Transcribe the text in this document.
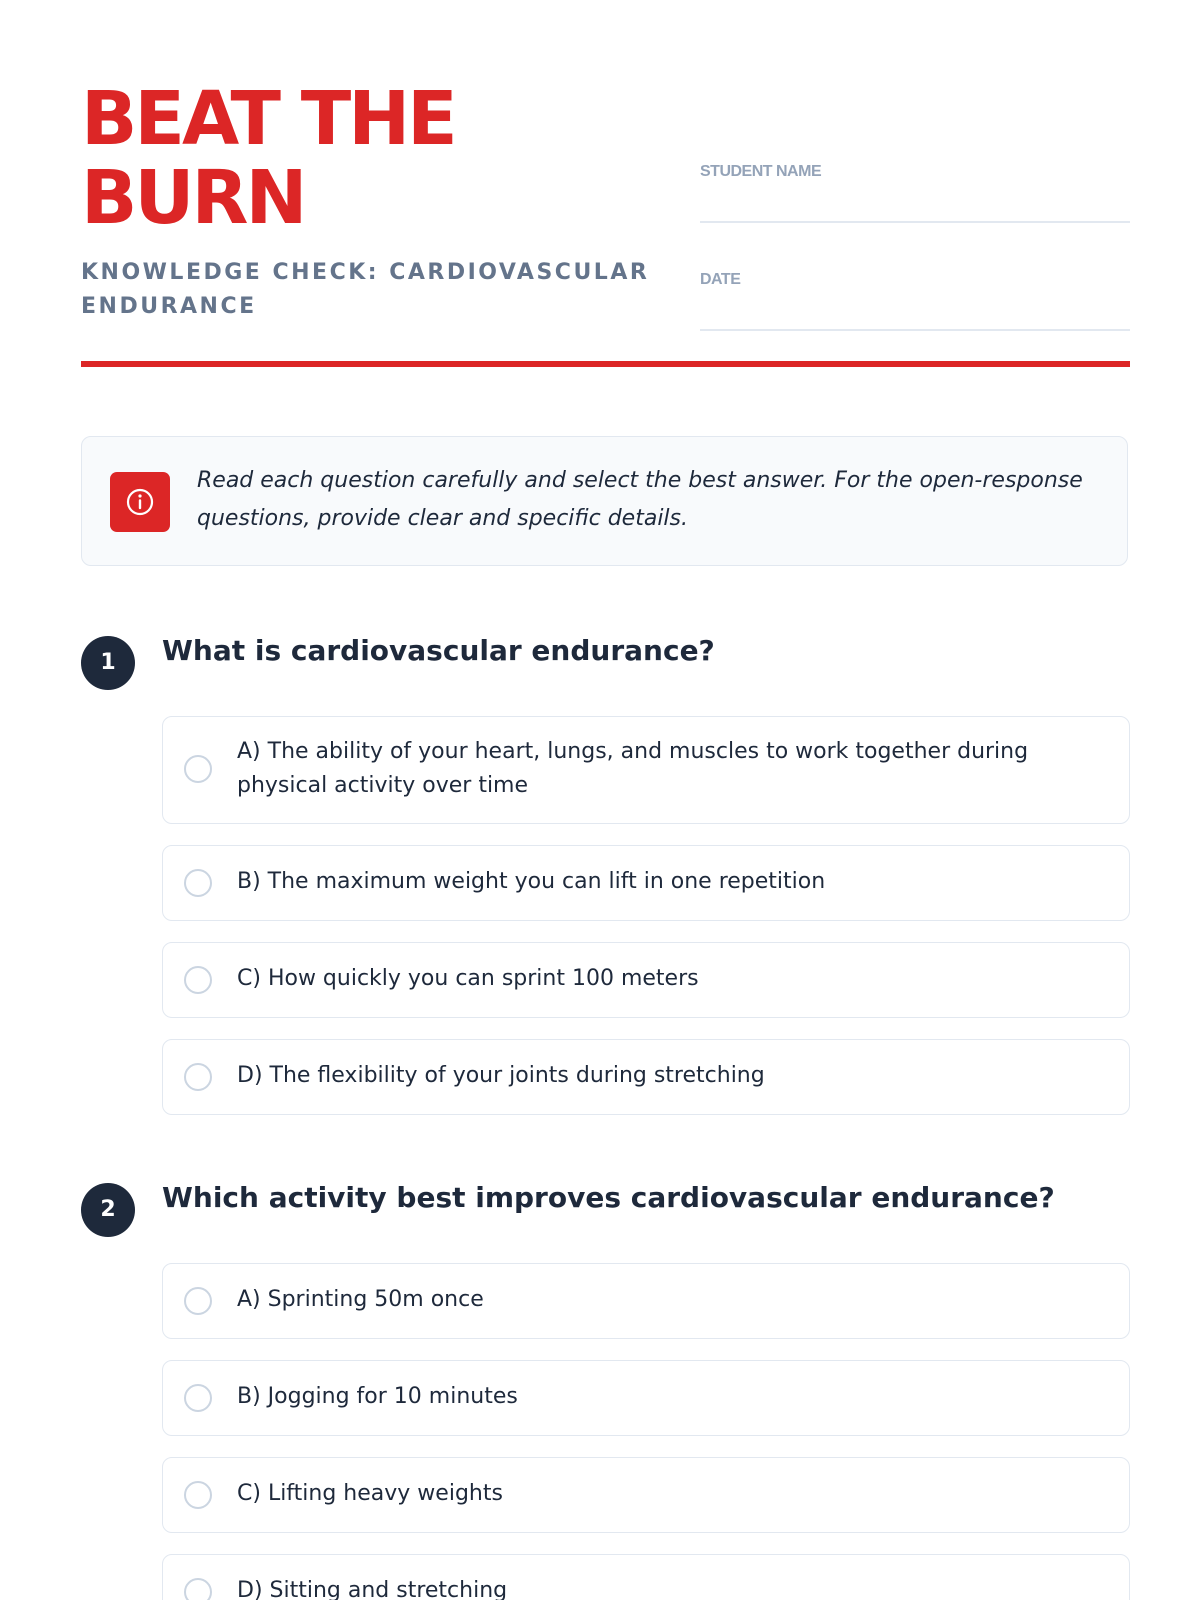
BEAT THE
BURN
KNOWLEDGE CHECK: CARDIOVASCULAR
ENDURANCE
STUDENT NAME
DATE
Read each question carefully and select the best answer. For the open-response questions, provide clear and specific details.
1	What is cardiovascular endurance?
A) The ability of your heart, lungs, and muscles to work together during physical activity over time
B) The maximum weight you can lift in one repetition
C) How quickly you can sprint 100 meters
D) The flexibility of your joints during stretching
2	Which activity best improves cardiovascular endurance?
A) Sprinting 50m once
B) Jogging for 10 minutes
C) Lifting heavy weights
D) Sitting and stretching
